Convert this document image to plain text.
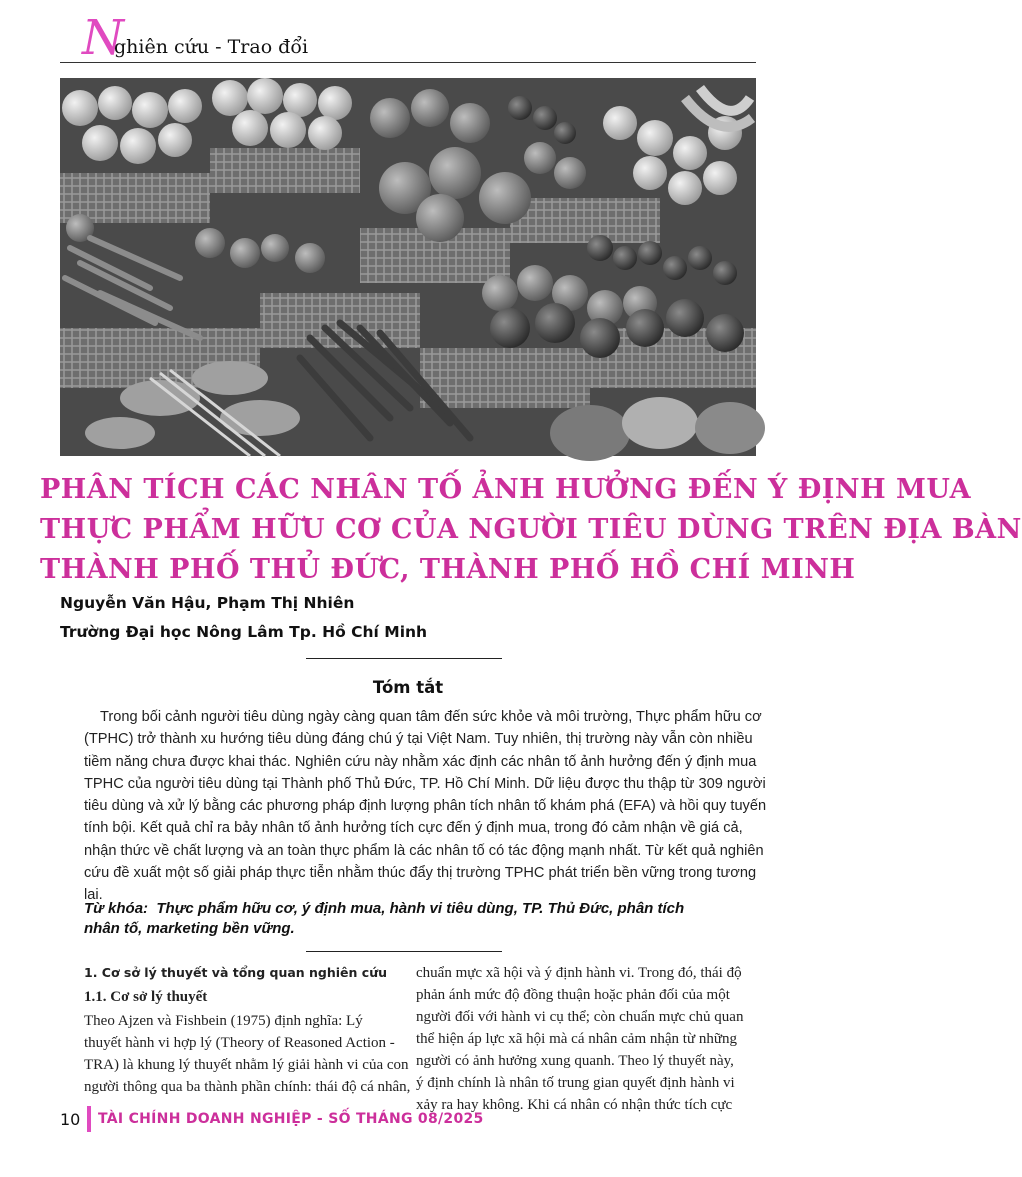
N
ghiên cứu - Trao đổi
PHÂN TÍCH CÁC NHÂN TỐ ẢNH HƯỞNG ĐẾN Ý ĐỊNH MUA
THỰC PHẨM HỮU CƠ CỦA NGƯỜI TIÊU DÙNG TRÊN ĐỊA BÀN
THÀNH PHỐ THỦ ĐỨC, THÀNH PHỐ HỒ CHÍ MINH
Nguyễn Văn Hậu, Phạm Thị Nhiên
Trường Đại học Nông Lâm Tp. Hồ Chí Minh
Tóm tắt
Trong bối cảnh người tiêu dùng ngày càng quan tâm đến sức khỏe và môi trường, Thực phẩm hữu cơ
(TPHC) trở thành xu hướng tiêu dùng đáng chú ý tại Việt Nam. Tuy nhiên, thị trường này vẫn còn nhiều
tiềm năng chưa được khai thác. Nghiên cứu này nhằm xác định các nhân tố ảnh hưởng đến ý định mua
TPHC của người tiêu dùng tại Thành phố Thủ Đức, TP. Hồ Chí Minh. Dữ liệu được thu thập từ 309 người
tiêu dùng và xử lý bằng các phương pháp định lượng phân tích nhân tố khám phá (EFA) và hồi quy tuyến
tính bội. Kết quả chỉ ra bảy nhân tố ảnh hưởng tích cực đến ý định mua, trong đó cảm nhận về giá cả,
nhận thức về chất lượng và an toàn thực phẩm là các nhân tố có tác động mạnh nhất. Từ kết quả nghiên
cứu đề xuất một số giải pháp thực tiễn nhằm thúc đẩy thị trường TPHC phát triển bền vững trong tương
lai.
Từ khóa: Thực phẩm hữu cơ, ý định mua, hành vi tiêu dùng, TP. Thủ Đức, phân tích
nhân tố, marketing bền vững.
1. Cơ sở lý thuyết và tổng quan nghiên cứu
1.1. Cơ sở lý thuyết
Theo Ajzen và Fishbein (1975) định nghĩa: Lý
thuyết hành vi hợp lý (Theory of Reasoned Action -
TRA) là khung lý thuyết nhằm lý giải hành vi của con
người thông qua ba thành phần chính: thái độ cá nhân,
chuẩn mực xã hội và ý định hành vi. Trong đó, thái độ
phản ánh mức độ đồng thuận hoặc phản đối của một
người đối với hành vi cụ thể; còn chuẩn mực chủ quan
thể hiện áp lực xã hội mà cá nhân cảm nhận từ những
người có ảnh hưởng xung quanh. Theo lý thuyết này,
ý định chính là nhân tố trung gian quyết định hành vi
xảy ra hay không. Khi cá nhân có nhận thức tích cực
10 TÀI CHÍNH DOANH NGHIỆP - SỐ THÁNG 08/2025
